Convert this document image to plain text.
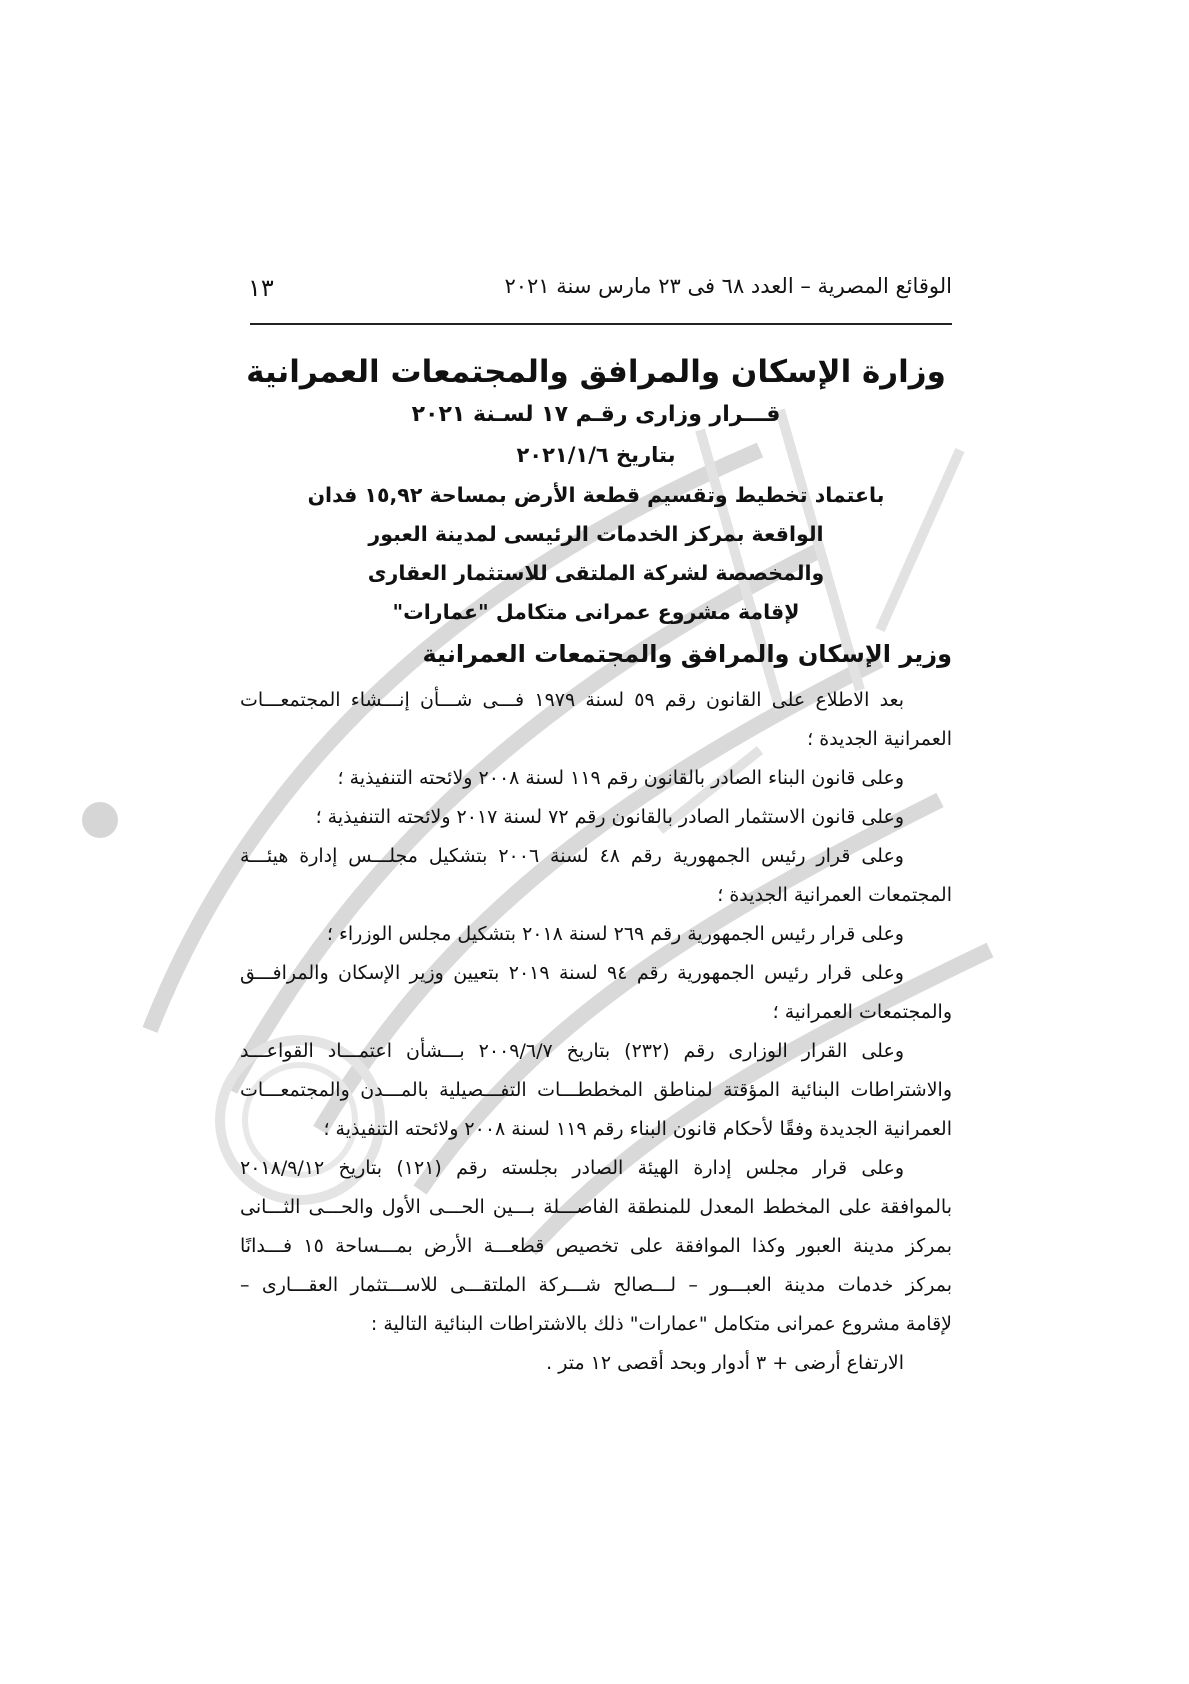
الوقائع المصرية – العدد ٦٨ فى ٢٣ مارس سنة ٢٠٢١
١٣
وزارة الإسكان والمرافق والمجتمعات العمرانية
قـــرار وزارى رقـم ١٧ لسـنة ٢٠٢١
بتاريخ ٢٠٢١/١/٦
باعتماد تخطيط وتقسيم قطعة الأرض بمساحة ١٥,٩٢ فدان
الواقعة بمركز الخدمات الرئيسى لمدينة العبور
والمخصصة لشركة الملتقى للاستثمار العقارى
لإقامة مشروع عمرانى متكامل "عمارات"
وزير الإسكان والمرافق والمجتمعات العمرانية
بعد الاطلاع على القانون رقم ٥٩ لسنة ١٩٧٩ فـــى شـــأن إنـــشاء المجتمعـــات
العمرانية الجديدة ؛
وعلى قانون البناء الصادر بالقانون رقم ١١٩ لسنة ٢٠٠٨ ولائحته التنفيذية ؛
وعلى قانون الاستثمار الصادر بالقانون رقم ٧٢ لسنة ٢٠١٧ ولائحته التنفيذية ؛
وعلى قرار رئيس الجمهورية رقم ٤٨ لسنة ٢٠٠٦ بتشكيل مجلـــس إدارة هيئـــة
المجتمعات العمرانية الجديدة ؛
وعلى قرار رئيس الجمهورية رقم ٢٦٩ لسنة ٢٠١٨ بتشكيل مجلس الوزراء ؛
وعلى قرار رئيس الجمهورية رقم ٩٤ لسنة ٢٠١٩ بتعيين وزير الإسكان والمرافـــق
والمجتمعات العمرانية ؛
وعلى القرار الوزارى رقم (٢٣٢) بتاريخ ٢٠٠٩/٦/٧ بـــشأن اعتمـــاد القواعـــد
والاشتراطات البنائية المؤقتة لمناطق المخططـــات التفـــصيلية بالمـــدن والمجتمعـــات
العمرانية الجديدة وفقًا لأحكام قانون البناء رقم ١١٩ لسنة ٢٠٠٨ ولائحته التنفيذية ؛
وعلى قرار مجلس إدارة الهيئة الصادر بجلسته رقم (١٢١) بتاريخ ٢٠١٨/٩/١٢
بالموافقة على المخطط المعدل للمنطقة الفاصـــلة بـــين الحـــى الأول والحـــى الثـــانى
بمركز مدينة العبور وكذا الموافقة على تخصيص قطعـــة الأرض بمـــساحة ١٥ فـــدانًا
بمركز خدمات مدينة العبـــور – لـــصالح شـــركة الملتقـــى للاســـتثمار العقـــارى –
لإقامة مشروع عمرانى متكامل "عمارات" ذلك بالاشتراطات البنائية التالية :
الارتفاع أرضى + ٣ أدوار وبحد أقصى ١٢ متر .
